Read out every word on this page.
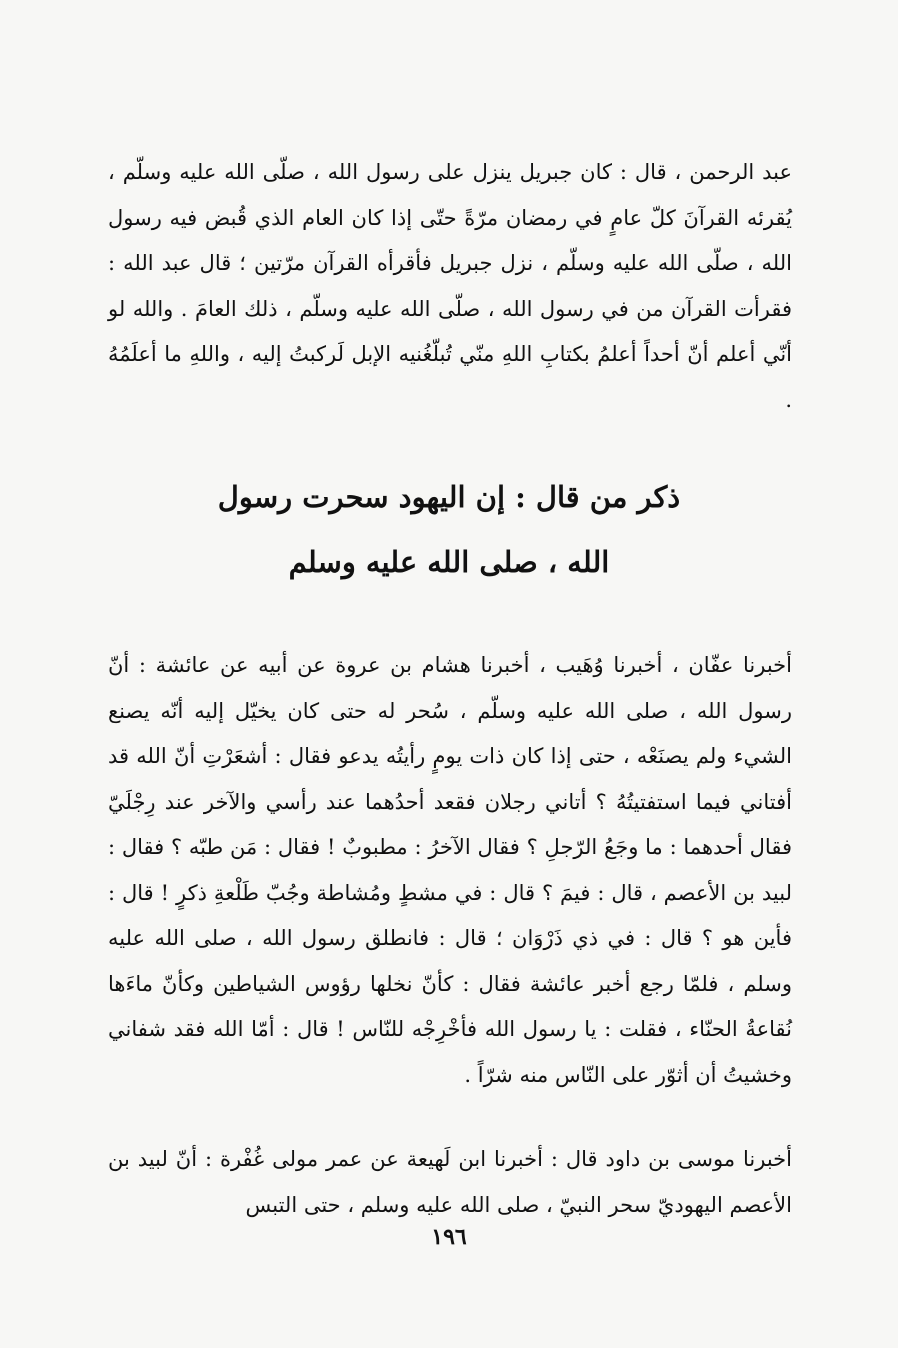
عبد الرحمن ، قال : كان جبريل ينزل على رسول الله ، صلّى الله عليه وسلّم ، يُقرئه القرآنَ كلّ عامٍ في رمضان مرّةً حتّى إذا كان العام الذي قُبض فيه رسول الله ، صلّى الله عليه وسلّم ، نزل جبريل فأقرأه القرآن مرّتين ؛ قال عبد الله : فقرأت القرآن من في رسول الله ، صلّى الله عليه وسلّم ، ذلك العامَ . والله لو أنّي أعلم أنّ أحداً أعلمُ بكتابِ اللهِ منّي تُبلّغُنيه الإبل لَركبتُ إليه ، واللهِ ما أعلَمُهُ .

ذكر من قال : إن اليهود سحرت رسول
الله ، صلى الله عليه وسلم

أخبرنا عفّان ، أخبرنا وُهَيب ، أخبرنا هشام بن عروة عن أبيه عن عائشة : أنّ رسول الله ، صلى الله عليه وسلّم ، سُحر له حتى كان يخيّل إليه أنّه يصنع الشيء ولم يصنَعْه ، حتى إذا كان ذات يومٍ رأيتُه يدعو فقال : أشعَرْتِ أنّ الله قد أفتاني فيما استفتيتُهُ ؟ أتاني رجلان فقعد أحدُهما عند رأسي والآخر عند رِجْلَيّ فقال أحدهما : ما وجَعُ الرّجلِ ؟ فقال الآخرُ : مطبوبٌ ! فقال : مَن طبّه ؟ فقال : لبيد بن الأعصم ، قال : فيمَ ؟ قال : في مشطٍ ومُشاطة وجُبّ طَلْعةِ ذكرٍ ! قال : فأين هو ؟ قال : في ذي ذَرْوَان ؛ قال : فانطلق رسول الله ، صلى الله عليه وسلم ، فلمّا رجع أخبر عائشة فقال : كأنّ نخلها رؤوس الشياطين وكأنّ ماءَها نُقاعةُ الحنّاء ، فقلت : يا رسول الله فأخْرِجْه للنّاس ! قال : أمّا الله فقد شفاني وخشيتُ أن أثوّر على النّاس منه شرّاً .

أخبرنا موسى بن داود قال : أخبرنا ابن لَهيعة عن عمر مولى غُفْرة : أنّ لبيد بن الأعصم اليهوديّ سحر النبيّ ، صلى الله عليه وسلم ، حتى التبس

١٩٦
